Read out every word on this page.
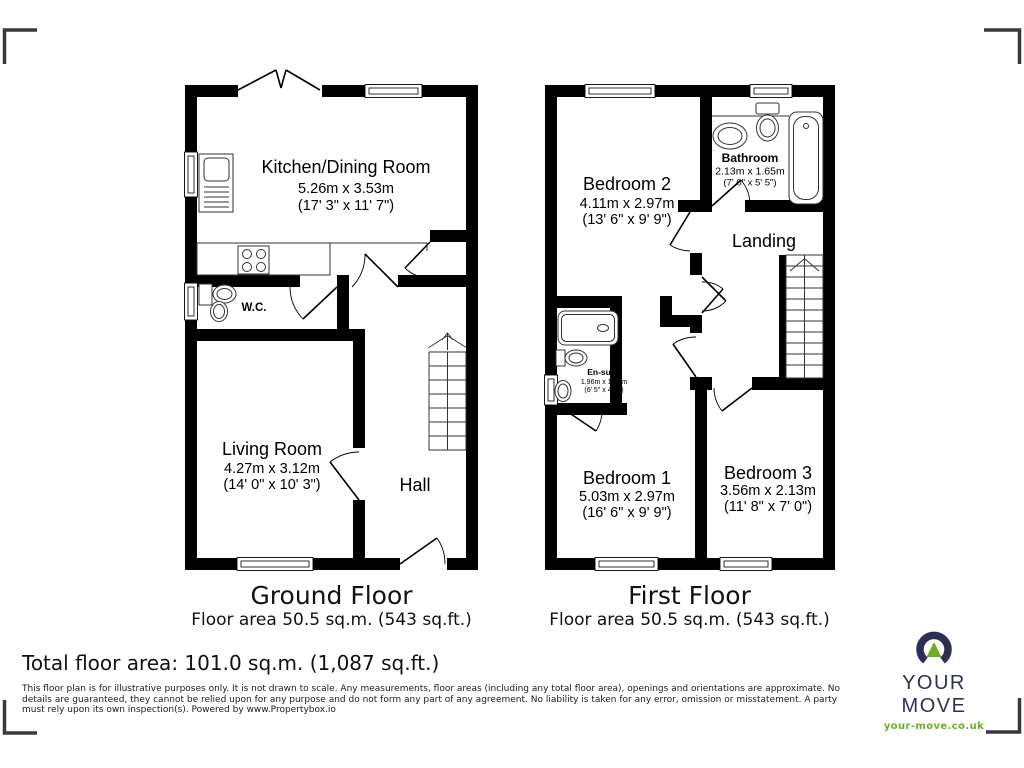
Kitchen/Dining Room
5.26m x 3.53m
(17' 3" x 11' 7")
W.C.
Living Room
4.27m x 3.12m
(14' 0" x 10' 3")	Hall
Bedroom 2
4.11m x 2.97m
(13' 6" x 9' 9")
Bathroom
2.13m x 1.65m
(7' 0" x 5' 5")
Landing
En-suite
1.96m x 1.37m
(6' 5" x 4' 6")
Bedroom 1
5.03m x 2.97m
(16' 6" x 9' 9")
Bedroom 3
3.56m x 2.13m
(11' 8" x 7' 0")
Ground Floor
Floor area 50.5 sq.m. (543 sq.ft.)
First Floor
Floor area 50.5 sq.m. (543 sq.ft.)
Total floor area: 101.0 sq.m. (1,087 sq.ft.)
This floor plan is for illustrative purposes only. It is not drawn to scale. Any measurements, floor areas (including any total floor area), openings and orientations are approximate. No details are guaranteed, they cannot be relied upon for any purpose and do not form any part of any agreement. No liability is taken for any error, omission or misstatement. A party must rely upon its own inspection(s). Powered by www.Propertybox.io
YOUR MOVE
your-move.co.uk
